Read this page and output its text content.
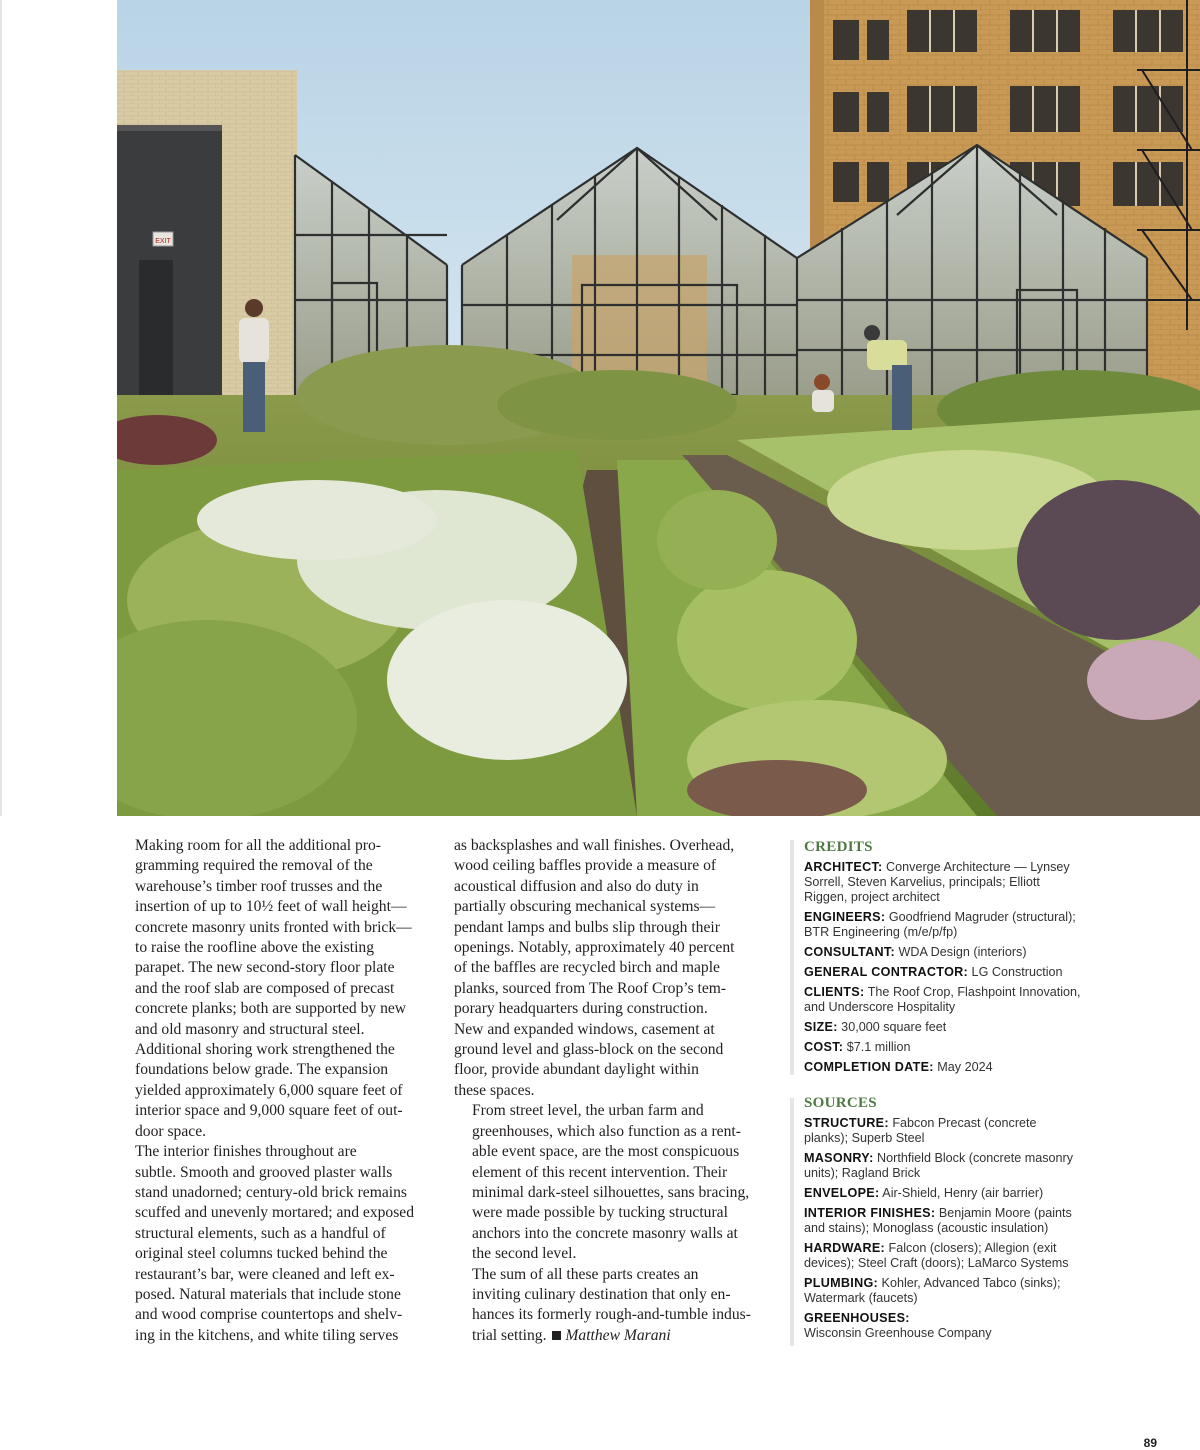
EXIT

Making room for all the additional pro-
gramming required the removal of the
warehouse’s timber roof trusses and the
insertion of up to 10½ feet of wall height—
concrete masonry units fronted with brick—
to raise the roofline above the existing
parapet. The new second-story floor plate
and the roof slab are composed of precast
concrete planks; both are supported by new
and old masonry and structural steel.
Additional shoring work strengthened the
foundations below grade. The expansion
yielded approximately 6,000 square feet of
interior space and 9,000 square feet of out-
door space.

The interior finishes throughout are
subtle. Smooth and grooved plaster walls
stand unadorned; century-old brick remains
scuffed and unevenly mortared; and exposed
structural elements, such as a handful of
original steel columns tucked behind the
restaurant’s bar, were cleaned and left ex-
posed. Natural materials that include stone
and wood comprise countertops and shelv-
ing in the kitchens, and white tiling serves

as backsplashes and wall finishes. Overhead,
wood ceiling baffles provide a measure of
acoustical diffusion and also do duty in
partially obscuring mechanical systems—
pendant lamps and bulbs slip through their
openings. Notably, approximately 40 percent
of the baffles are recycled birch and maple
planks, sourced from The Roof Crop’s tem-
porary headquarters during construction.
New and expanded windows, casement at
ground level and glass-block on the second
floor, provide abundant daylight within
these spaces.

From street level, the urban farm and
greenhouses, which also function as a rent-
able event space, are the most conspicuous
element of this recent intervention. Their
minimal dark-steel silhouettes, sans bracing,
were made possible by tucking structural
anchors into the concrete masonry walls at
the second level.

The sum of all these parts creates an
inviting culinary destination that only en-
hances its formerly rough-and-tumble indus-
trial setting. Matthew Marani

CREDITS
ARCHITECT: Converge Architecture — Lynsey
Sorrell, Steven Karvelius, principals; Elliott
Riggen, project architect
ENGINEERS: Goodfriend Magruder (structural);
BTR Engineering (m/e/p/fp)
CONSULTANT: WDA Design (interiors)
GENERAL CONTRACTOR: LG Construction
CLIENTS: The Roof Crop, Flashpoint Innovation,
and Underscore Hospitality
SIZE: 30,000 square feet
COST: $7.1 million
COMPLETION DATE: May 2024
SOURCES
STRUCTURE: Fabcon Precast (concrete
planks); Superb Steel
MASONRY: Northfield Block (concrete masonry
units); Ragland Brick
ENVELOPE: Air-Shield, Henry (air barrier)
INTERIOR FINISHES: Benjamin Moore (paints
and stains); Monoglass (acoustic insulation)
HARDWARE: Falcon (closers); Allegion (exit
devices); Steel Craft (doors); LaMarco Systems
PLUMBING: Kohler, Advanced Tabco (sinks);
Watermark (faucets)
GREENHOUSES:
Wisconsin Greenhouse Company
89
